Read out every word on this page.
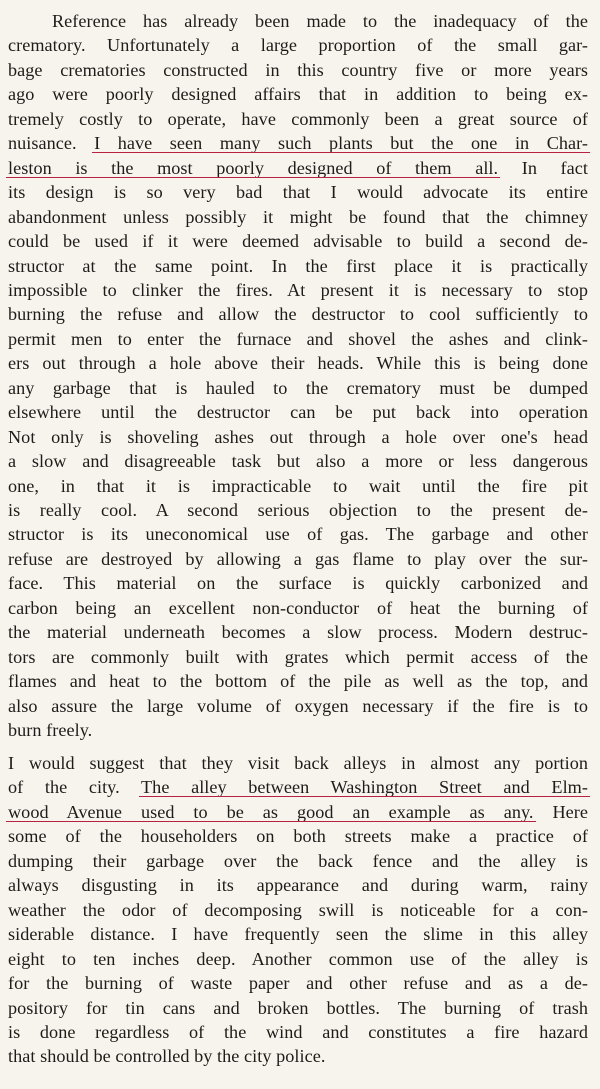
Reference has already been made to the inadequacy of the
crematory. Unfortunately a large proportion of the small gar-
bage crematories constructed in this country five or more years
ago were poorly designed affairs that in addition to being ex-
tremely costly to operate, have commonly been a great source of
nuisance. I have seen many such plants but the one in Char-
leston is the most poorly designed of them all. In fact
its design is so very bad that I would advocate its entire
abandonment unless possibly it might be found that the chimney
could be used if it were deemed advisable to build a second de-
structor at the same point. In the first place it is practically
impossible to clinker the fires. At present it is necessary to stop
burning the refuse and allow the destructor to cool sufficiently to
permit men to enter the furnace and shovel the ashes and clink-
ers out through a hole above their heads. While this is being done
any garbage that is hauled to the crematory must be dumped
elsewhere until the destructor can be put back into operation
Not only is shoveling ashes out through a hole over one's head
a slow and disagreeable task but also a more or less dangerous
one, in that it is impracticable to wait until the fire pit
is really cool. A second serious objection to the present de-
structor is its uneconomical use of gas. The garbage and other
refuse are destroyed by allowing a gas flame to play over the sur-
face. This material on the surface is quickly carbonized and
carbon being an excellent non-conductor of heat the burning of
the material underneath becomes a slow process. Modern destruc-
tors are commonly built with grates which permit access of the
flames and heat to the bottom of the pile as well as the top, and
also assure the large volume of oxygen necessary if the fire is to
burn freely.
I would suggest that they visit back alleys in almost any portion
of the city. The alley between Washington Street and Elm-
wood Avenue used to be as good an example as any. Here
some of the householders on both streets make a practice of
dumping their garbage over the back fence and the alley is
always disgusting in its appearance and during warm, rainy
weather the odor of decomposing swill is noticeable for a con-
siderable distance. I have frequently seen the slime in this alley
eight to ten inches deep. Another common use of the alley is
for the burning of waste paper and other refuse and as a de-
pository for tin cans and broken bottles. The burning of trash
is done regardless of the wind and constitutes a fire hazard
that should be controlled by the city police.
